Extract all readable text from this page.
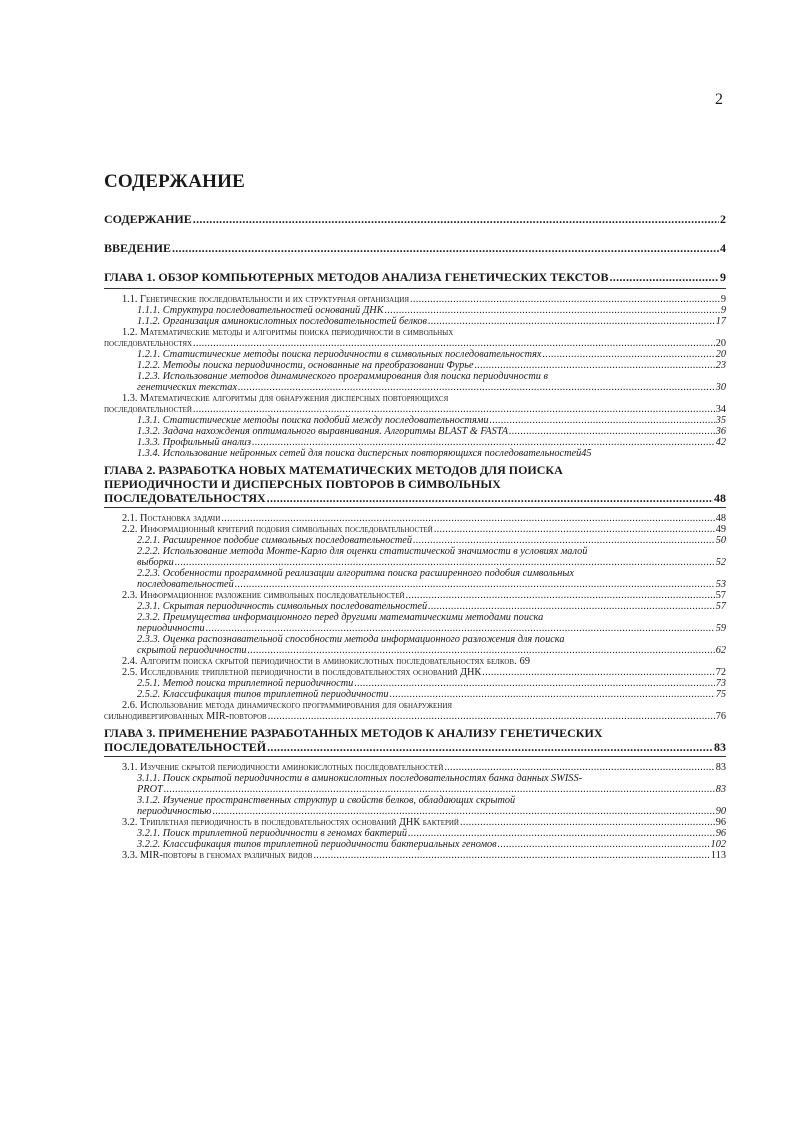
2
СОДЕРЖАНИЕ
СОДЕРЖАНИЕ .....	2
ВВЕДЕНИЕ .....	4
ГЛАВА 1. ОБЗОР КОМПЬЮТЕРНЫХ МЕТОДОВ АНАЛИЗА ГЕНЕТИЧЕСКИХ ТЕКСТОВ .....	9
1.1. Генетические последовательности и их структурная организация .....	9
1.1.1. Структура последовательностей оснований ДНК .....	9
1.1.2. Организация аминокислотных последовательностей белков .....	17
1.2. Математические методы и алгоритмы поиска периодичности в символьных
последовательностях .....	20
1.2.1. Статистические методы поиска периодичности в символьных последовательностях .....	20
1.2.2. Методы поиска периодичности, основанные на преобразовании Фурье .....	23
1.2.3. Использование методов динамического программирования для поиска периодичности в
генетических текстах .....	30
1.3. Математические алгоритмы для обнаружения дисперсных повторяющихся
последовательностей .....	34
1.3.1. Статистические методы поиска подобий между последовательностями .....	35
1.3.2. Задача нахождения оптимального выравнивания. Алгоритмы BLAST & FASTA .....	36
1.3.3. Профильный анализ .....	42
1.3.4. Использование нейронных сетей для поиска дисперсных повторяющихся последовательностей 45
ГЛАВА 2. РАЗРАБОТКА НОВЫХ МАТЕМАТИЧЕСКИХ МЕТОДОВ ДЛЯ ПОИСКА
ПЕРИОДИЧНОСТИ И ДИСПЕРСНЫХ ПОВТОРОВ В СИМВОЛЬНЫХ
ПОСЛЕДОВАТЕЛЬНОСТЯХ .....	48
2.1. Постановка задачи .....	48
2.2. Информационный критерий подобия символьных последовательностей .....	49
2.2.1. Расширенное подобие символьных последовательностей .....	50
2.2.2. Использование метода Монте-Карло для оценки статистической значимости в условиях малой
выборки .....	52
2.2.3. Особенности программной реализации алгоритма поиска расширенного подобия символьных
последовательностей .....	53
2.3. Информационное разложение символьных последовательностей .....	57
2.3.1. Скрытая периодичность символьных последовательностей .....	57
2.3.2. Преимущества информационного перед другими математическими методами поиска
периодичности .....	59
2.3.3. Оценка распознавательной способности метода информационного разложения для поиска
скрытой периодичности .....	62
2.4. Алгоритм поиска скрытой периодичности в аминокислотных последовательностях белков. 69
2.5. Исследование триплетной периодичности в последовательностях оснований ДНК .....	72
2.5.1. Метод поиска триплетной периодичности .....	73
2.5.2. Классификация типов триплетной периодичности .....	75
2.6. Использование метода динамического программирования для обнаружения
сильнодивергированных MIR-повторов .....	76
ГЛАВА 3. ПРИМЕНЕНИЕ РАЗРАБОТАННЫХ МЕТОДОВ К АНАЛИЗУ ГЕНЕТИЧЕСКИХ
ПОСЛЕДОВАТЕЛЬНОСТЕЙ .....	83
3.1. Изучение скрытой периодичности аминокислотных последовательностей .....	83
3.1.1. Поиск скрытой периодичности в аминокислотных последовательностях банка данных SWISS-
PROT .....	83
3.1.2. Изучение пространственных структур и свойств белков, обладающих скрытой
периодичностью .....	90
3.2. Триплетная периодичность в последовательностях оснований ДНК бактерий .....	96
3.2.1. Поиск триплетной периодичности в геномах бактерий .....	96
3.2.2. Классификация типов триплетной периодичности бактериальных геномов .....	102
3.3. MIR-повторы в геномах различных видов .....	113
